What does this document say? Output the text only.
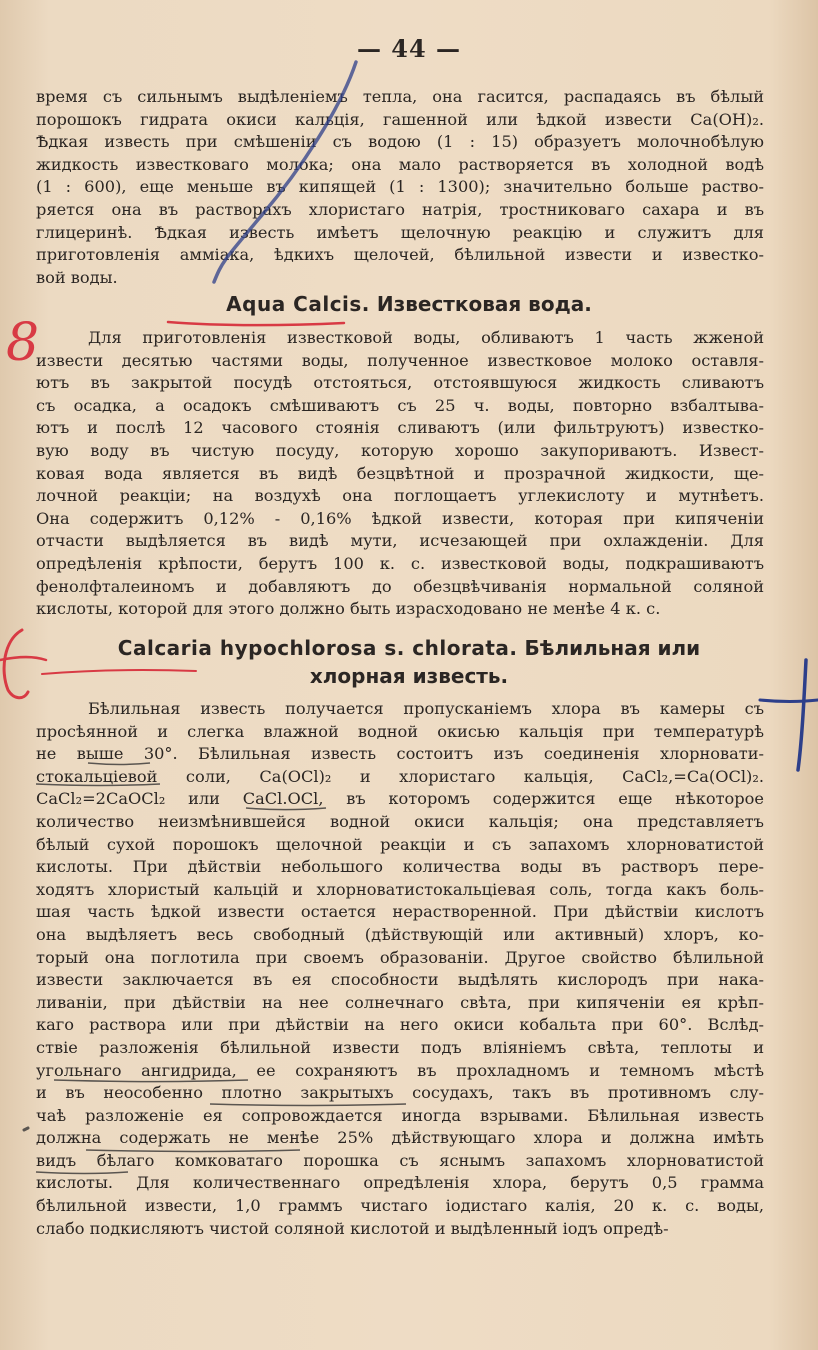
— 44 —
время съ сильнымъ выдѣленіемъ тепла, она гасится, распадаясь въ бѣлый
порошокъ гидрата окиси кальція, гашенной или ѣдкой извести Ca(OH)₂.
Ѣдкая известь при смѣшеніи съ водою (1 : 15) образуетъ молочнобѣлую
жидкость известковаго молока; она мало растворяется въ холодной водѣ
(1 : 600), еще меньше въ кипящей (1 : 1300); значительно больше раство-
ряется она въ растворахъ хлористаго натрія, тростниковаго сахара и въ
глицеринѣ. Ѣдкая известь имѣетъ щелочную реакцію и служитъ для
приготовленія аммiака, ѣдкихъ щелочей, бѣлильной извести и известко-
вой воды.
Aqua Calcis. Известковая вода.
Для приготовленія известковой воды, обливаютъ 1 часть жженой
извести десятью частями воды, полученное известковое молоко оставля-
ютъ въ закрытой посудѣ отстояться, отстоявшуюся жидкость сливаютъ
съ осадка, а осадокъ смѣшиваютъ съ 25 ч. воды, повторно взбалтыва-
ютъ и послѣ 12 часового стоянія сливаютъ (или фильтруютъ) известко-
вую воду въ чистую посуду, которую хорошо закупориваютъ. Извест-
ковая вода является въ видѣ безцвѣтной и прозрачной жидкости, ще-
лочной реакціи; на воздухѣ она поглощаетъ углекислоту и мутнѣетъ.
Она содержитъ 0,12% - 0,16% ѣдкой извести, которая при кипяченіи
отчасти выдѣляется въ видѣ мути, исчезающей при охлажденіи. Для
опредѣленія крѣпости, берутъ 100 к. с. известковой воды, подкрашиваютъ
фенолфталеиномъ и добавляютъ до обезцвѣчиванія нормальной соляной
кислоты, которой для этого должно быть израсходовано не менѣе 4 к. с.
Calcaria hypochlorosa s. chlorata. Бѣлильная или
хлорная известь.
Бѣлильная известь получается пропусканіемъ хлора въ камеры съ
просѣянной и слегка влажной водной окисью кальція при температурѣ
не выше 30°. Бѣлильная известь состоитъ изъ соединенія хлорновати-
стокальціевой соли, Ca(OCl)₂ и хлористаго кальція, CaCl₂,=Ca(OCl)₂.
CaCl₂=2CaOCl₂ или CaCl.OCl, въ которомъ содержится еще нѣкоторое
количество неизмѣнившейся водной окиси кальція; она представляетъ
бѣлый сухой порошокъ щелочной реакціи и съ запахомъ хлорноватистой
кислоты. При дѣйствіи небольшого количества воды въ растворъ пере-
ходятъ хлористый кальцій и хлорноватистокальціевая соль, тогда какъ боль-
шая часть ѣдкой извести остается нерастворенной. При дѣйствіи кислотъ
она выдѣляетъ весь свободный (дѣйствующій или активный) хлоръ, ко-
торый она поглотила при своемъ образованіи. Другое свойство бѣлильной
извести заключается въ ея способности выдѣлять кислородъ при нака-
ливаніи, при дѣйствіи на нее солнечнаго свѣта, при кипяченіи ея крѣп-
каго раствора или при дѣйствіи на него окиси кобальта при 60°. Вслѣд-
ствіе разложенія бѣлильной извести подъ вліяніемъ свѣта, теплоты и
угольнаго ангидрида, ее сохраняютъ въ прохладномъ и темномъ мѣстѣ
и въ неособенно плотно закрытыхъ сосудахъ, такъ въ противномъ слу-
чаѣ разложеніе ея сопровождается иногда взрывами. Бѣлильная известь
должна содержать не менѣе 25% дѣйствующаго хлора и должна имѣть
видъ бѣлаго комковатаго порошка съ яснымъ запахомъ хлорноватистой
кислоты. Для количественнаго опредѣленія хлора, берутъ 0,5 грамма
бѣлильной извести, 1,0 граммъ чистаго іодистаго калія, 20 к. с. воды,
слабо подкисляютъ чистой соляной кислотой и выдѣленный іодъ опредѣ-
8
